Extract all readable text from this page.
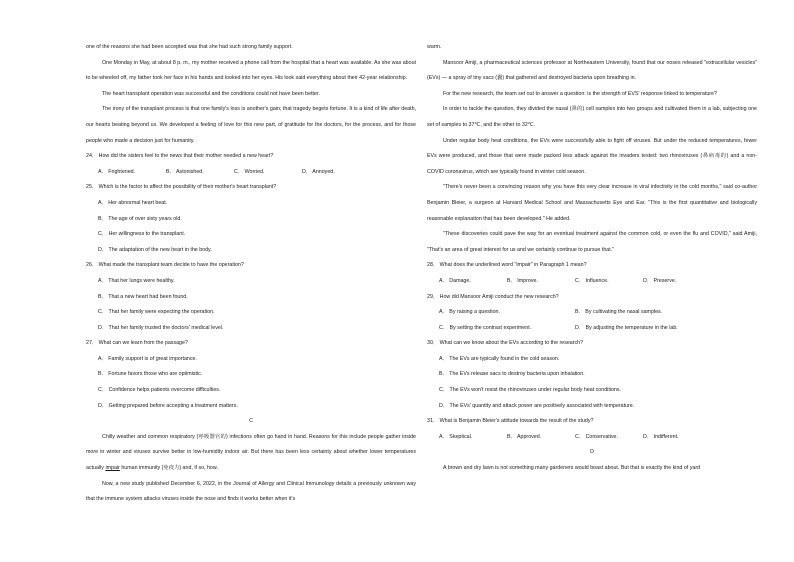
one of the reasons she had been accepted was that she had such strong family support.

One Monday in May, at about 8 p. m., my mother received a phone call from the hospital that a heart was available. As she was about to be wheeled off, my father took her face in his hands and looked into her eyes. His look said everything about their 42-year relationship.

The heart transplant operation was successful and the conditions could not have been better.

The irony of the transplant process is that one family's loss is another's gain; that tragedy begets fortune. It is a kind of life after death, our hearts beating beyond us. We developed a feeling of love for this new part, of gratitude for the doctors, for the process, and for those people who made a decision just for humanity.

24． How did the sisters feel to the news that their mother needed a new heart?

A． Frightened.	B． Astonished.	C． Worried.	D． Annoyed.

25． Which is the factor to affect the possibility of their mother's heart transplant?

A． Her abnormal heart beat.

B． The age of over sixty years old.

C． Her willingness to the transplant.

D． The adaptation of the new heart in the body.

26． What made the transplant team decide to have the operation?

A． That her lungs were healthy.

B． That a new heart had been found.

C． That her family were expecting the operation.

D． That her family trusted the doctors' medical level.

27． What can we learn from the passage?

A． Family support is of great importance.

B． Fortune favors those who are optimistic.

C． Confidence helps patients overcome difficulties.

D． Getting prepared before accepting a treatment matters.

C

Chilly weather and common respiratory (呼吸器官的) infections often go hand in hand. Reasons for this include people gather inside more in winter and viruses survive better in low-humidity indoor air. But there has been less certainty about whether lower temperatures actually impair human immunity (免疫力) and, if so, how.

Now, a new study published December 6, 2022, in the Journal of Allergy and Clinical Immunology details a previously unknown way that the immune system attacks viruses inside the nose and finds it works better when it's

warm.

Mansoor Amiji, a pharmaceutical sciences professor at Northeastern University, found that our noses released "extracellular vesicles" (EVs) — a spray of tiny sacs (囊) that gathered and destroyed bacteria upon breathing in.

For the new research, the team set out to answer a question: is the strength of EVS' response linked to temperature?

In order to tackle the question, they divided the nasal (鼻的) cell samples into two groups and cultivated them in a lab, subjecting one set of samples to 37℃, and the other to 32℃.

Under regular body heat conditions, the EVs were successfully able to fight off viruses. But under the reduced temperatures, fewer EVs were produced, and those that were made packed less attack against the invaders tested: two rhinoviruses (鼻病毒的) and a non-COVID coronavirus, which are typically found in winter cold season.

"There's never been a convincing reason why you have this very clear increase in viral infectivity in the cold months," said co-author Benjamin Bleier, a surgeon at Harvard Medical School and Massachusetts Eye and Ear. "This is the first quantitative and biologically reasonable explanation that has been developed." He added.

"These discoveries could pave the way for an eventual treatment against the common cold, or even the flu and COVID," said Amiji, "That's an area of great interest for us and we certainly continue to pursue that."

28． What does the underlined word "impair" in Paragraph 1 mean?

A． Damage.	B． Improve.	C． Influence.	D． Preserve.

29． How did Mansoor Amiji conduct the new research?

A． By raising a question.	B． By cultivating the nasal samples.

C． By setting the contrast experiment.	D． By adjusting the temperature in the lab.

30． What can we know about the EVs according to the research?

A． The EVs are typically found in the cold season.

B． The EVs release sacs to destroy bacteria upon inhalation.

C． The EVs won't resist the rhinoviruses under regular body heat conditions.

D． The EVs' quantity and attack power are positively associated with temperature.

31． What is Benjamin Bleier's attitude towards the result of the study?

A． Skeptical.	B． Approved.	C． Conservative.	D． Indifferent.

D

A brown and dry lawn is not something many gardeners would boast about. But that is exactly the kind of yard
